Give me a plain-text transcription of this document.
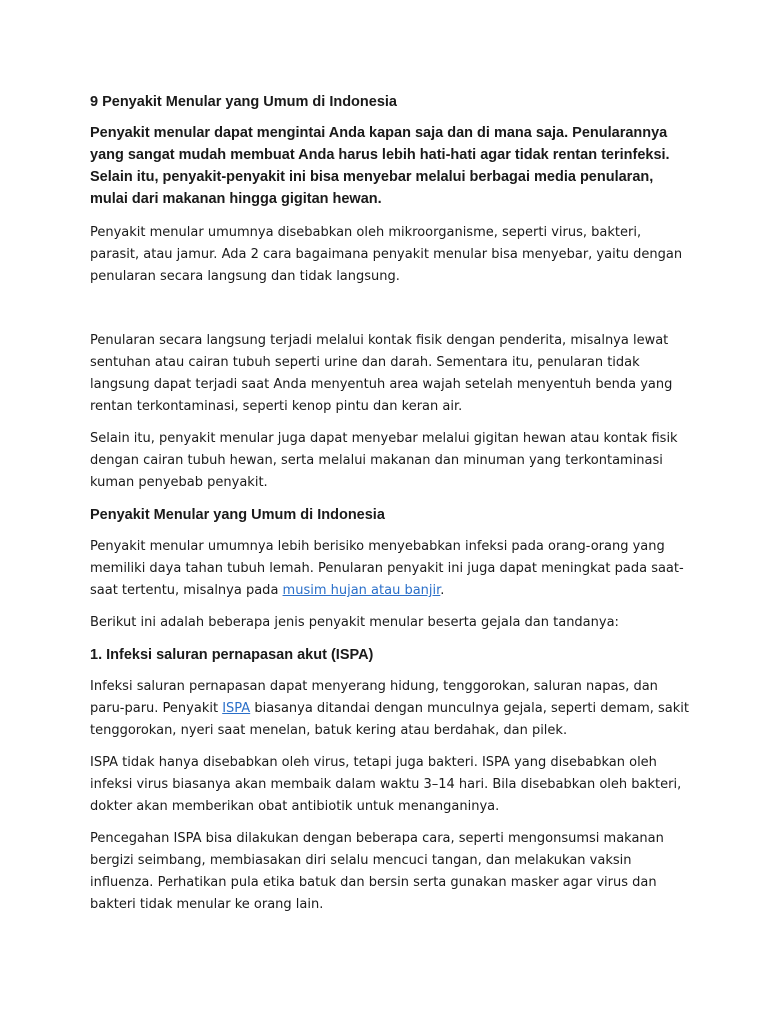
9 Penyakit Menular yang Umum di Indonesia
Penyakit menular dapat mengintai Anda kapan saja dan di mana saja. Penularannya yang sangat mudah membuat Anda harus lebih hati-hati agar tidak rentan terinfeksi. Selain itu, penyakit-penyakit ini bisa menyebar melalui berbagai media penularan, mulai dari makanan hingga gigitan hewan.
Penyakit menular umumnya disebabkan oleh mikroorganisme, seperti virus, bakteri, parasit, atau jamur. Ada 2 cara bagaimana penyakit menular bisa menyebar, yaitu dengan penularan secara langsung dan tidak langsung.
Penularan secara langsung terjadi melalui kontak fisik dengan penderita, misalnya lewat sentuhan atau cairan tubuh seperti urine dan darah. Sementara itu, penularan tidak langsung dapat terjadi saat Anda menyentuh area wajah setelah menyentuh benda yang rentan terkontaminasi, seperti kenop pintu dan keran air.
Selain itu, penyakit menular juga dapat menyebar melalui gigitan hewan atau kontak fisik dengan cairan tubuh hewan, serta melalui makanan dan minuman yang terkontaminasi kuman penyebab penyakit.
Penyakit Menular yang Umum di Indonesia
Penyakit menular umumnya lebih berisiko menyebabkan infeksi pada orang-orang yang memiliki daya tahan tubuh lemah. Penularan penyakit ini juga dapat meningkat pada saat-saat tertentu, misalnya pada musim hujan atau banjir.
Berikut ini adalah beberapa jenis penyakit menular beserta gejala dan tandanya:
1. Infeksi saluran pernapasan akut (ISPA)
Infeksi saluran pernapasan dapat menyerang hidung, tenggorokan, saluran napas, dan paru-paru. Penyakit ISPA biasanya ditandai dengan munculnya gejala, seperti demam, sakit tenggorokan, nyeri saat menelan, batuk kering atau berdahak, dan pilek.
ISPA tidak hanya disebabkan oleh virus, tetapi juga bakteri. ISPA yang disebabkan oleh infeksi virus biasanya akan membaik dalam waktu 3–14 hari. Bila disebabkan oleh bakteri, dokter akan memberikan obat antibiotik untuk menanganinya.
Pencegahan ISPA bisa dilakukan dengan beberapa cara, seperti mengonsumsi makanan bergizi seimbang, membiasakan diri selalu mencuci tangan, dan melakukan vaksin influenza. Perhatikan pula etika batuk dan bersin serta gunakan masker agar virus dan bakteri tidak menular ke orang lain.
